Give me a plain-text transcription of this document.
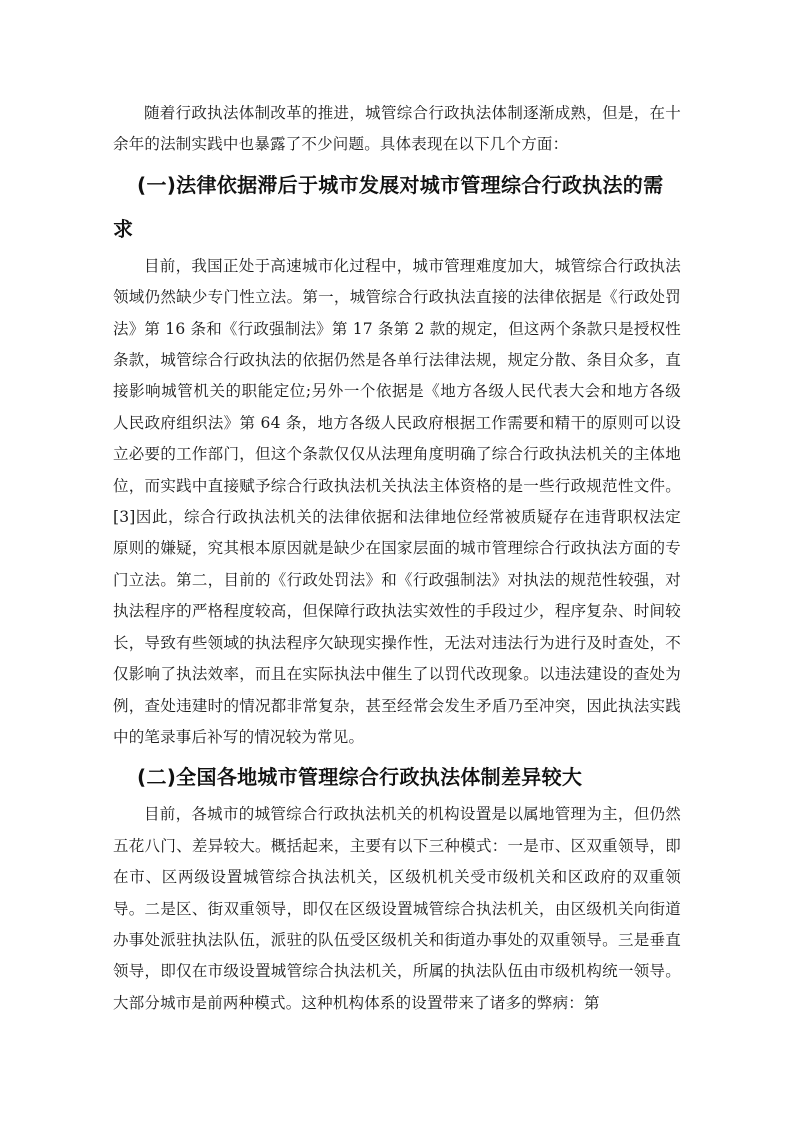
随着行政执法体制改革的推进，城管综合行政执法体制逐渐成熟，但是，在十余年的法制实践中也暴露了不少问题。具体表现在以下几个方面：

(一)法律依据滞后于城市发展对城市管理综合行政执法的需求

目前，我国正处于高速城市化过程中，城市管理难度加大，城管综合行政执法领域仍然缺少专门性立法。第一，城管综合行政执法直接的法律依据是《行政处罚法》第 16 条和《行政强制法》第 17 条第 2 款的规定，但这两个条款只是授权性条款，城管综合行政执法的依据仍然是各单行法律法规，规定分散、条目众多，直接影响城管机关的职能定位;另外一个依据是《地方各级人民代表大会和地方各级人民政府组织法》第 64 条，地方各级人民政府根据工作需要和精干的原则可以设立必要的工作部门，但这个条款仅仅从法理角度明确了综合行政执法机关的主体地位，而实践中直接赋予综合行政执法机关执法主体资格的是一些行政规范性文件。[3]因此，综合行政执法机关的法律依据和法律地位经常被质疑存在违背职权法定原则的嫌疑，究其根本原因就是缺少在国家层面的城市管理综合行政执法方面的专门立法。第二，目前的《行政处罚法》和《行政强制法》对执法的规范性较强，对执法程序的严格程度较高，但保障行政执法实效性的手段过少，程序复杂、时间较长，导致有些领域的执法程序欠缺现实操作性，无法对违法行为进行及时查处，不仅影响了执法效率，而且在实际执法中催生了以罚代改现象。以违法建设的查处为例，查处违建时的情况都非常复杂，甚至经常会发生矛盾乃至冲突，因此执法实践中的笔录事后补写的情况较为常见。

(二)全国各地城市管理综合行政执法体制差异较大

目前，各城市的城管综合行政执法机关的机构设置是以属地管理为主，但仍然五花八门、差异较大。概括起来，主要有以下三种模式：一是市、区双重领导，即在市、区两级设置城管综合执法机关，区级机机关受市级机关和区政府的双重领导。二是区、街双重领导，即仅在区级设置城管综合执法机关，由区级机关向街道办事处派驻执法队伍，派驻的队伍受区级机关和街道办事处的双重领导。三是垂直领导，即仅在市级设置城管综合执法机关，所属的执法队伍由市级机构统一领导。大部分城市是前两种模式。这种机构体系的设置带来了诸多的弊病：第
